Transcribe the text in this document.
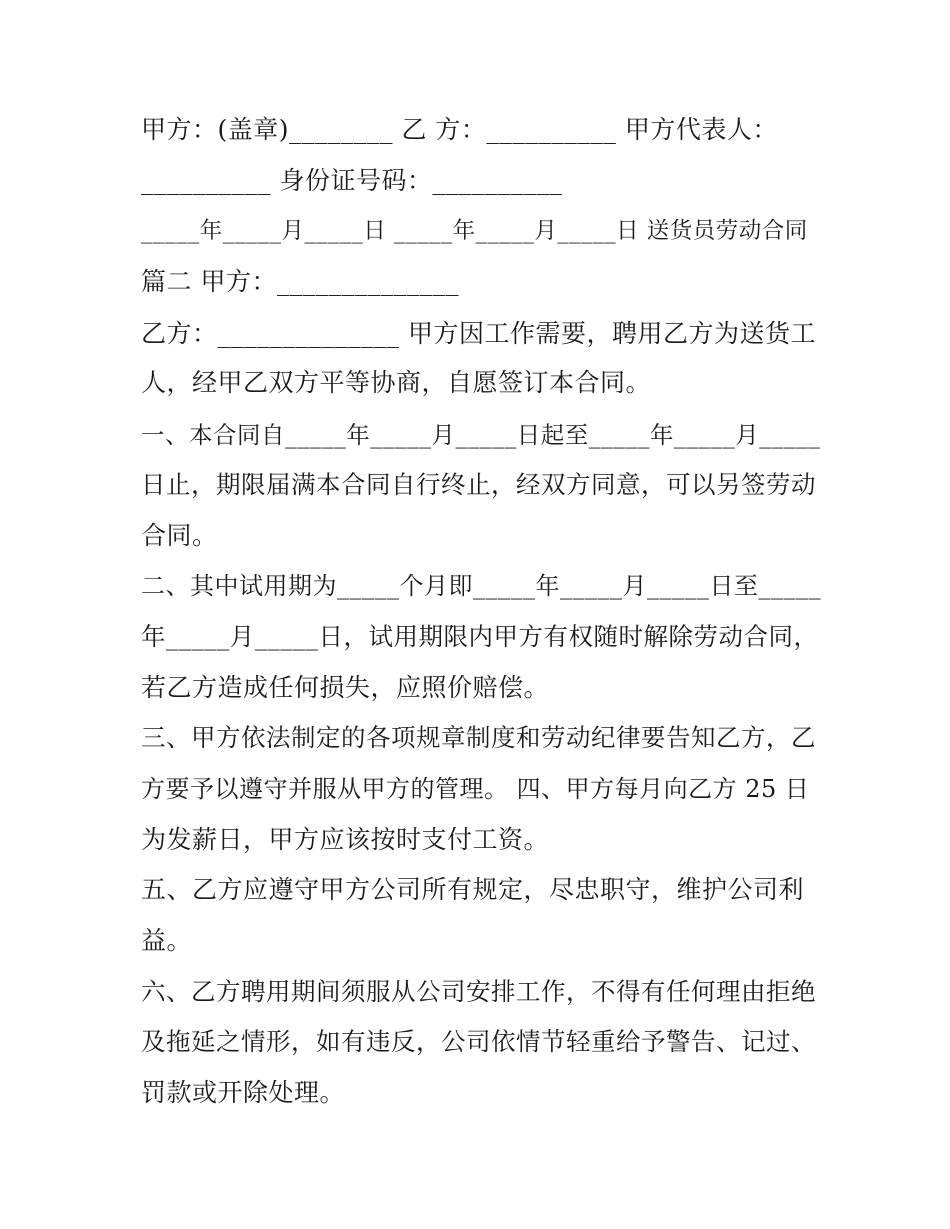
甲方：(盖章)________ 乙 方：__________ 甲方代表人：
__________ 身份证号码：__________
_____年_____月_____日 _____年_____月_____日 送货员劳动合同
篇二 甲方：______________
乙方：______________ 甲方因工作需要，聘用乙方为送货工
人，经甲乙双方平等协商，自愿签订本合同。
一、本合同自_____年_____月_____日起至_____年_____月_____
日止，期限届满本合同自行终止，经双方同意，可以另签劳动
合同。
二、其中试用期为_____个月即_____年_____月_____日至_____
年_____月_____日，试用期限内甲方有权随时解除劳动合同，
若乙方造成任何损失，应照价赔偿。
三、甲方依法制定的各项规章制度和劳动纪律要告知乙方，乙
方要予以遵守并服从甲方的管理。 四、甲方每月向乙方 25 日
为发薪日，甲方应该按时支付工资。
五、乙方应遵守甲方公司所有规定，尽忠职守，维护公司利
益。
六、乙方聘用期间须服从公司安排工作，不得有任何理由拒绝
及拖延之情形，如有违反，公司依情节轻重给予警告、记过、
罚款或开除处理。
